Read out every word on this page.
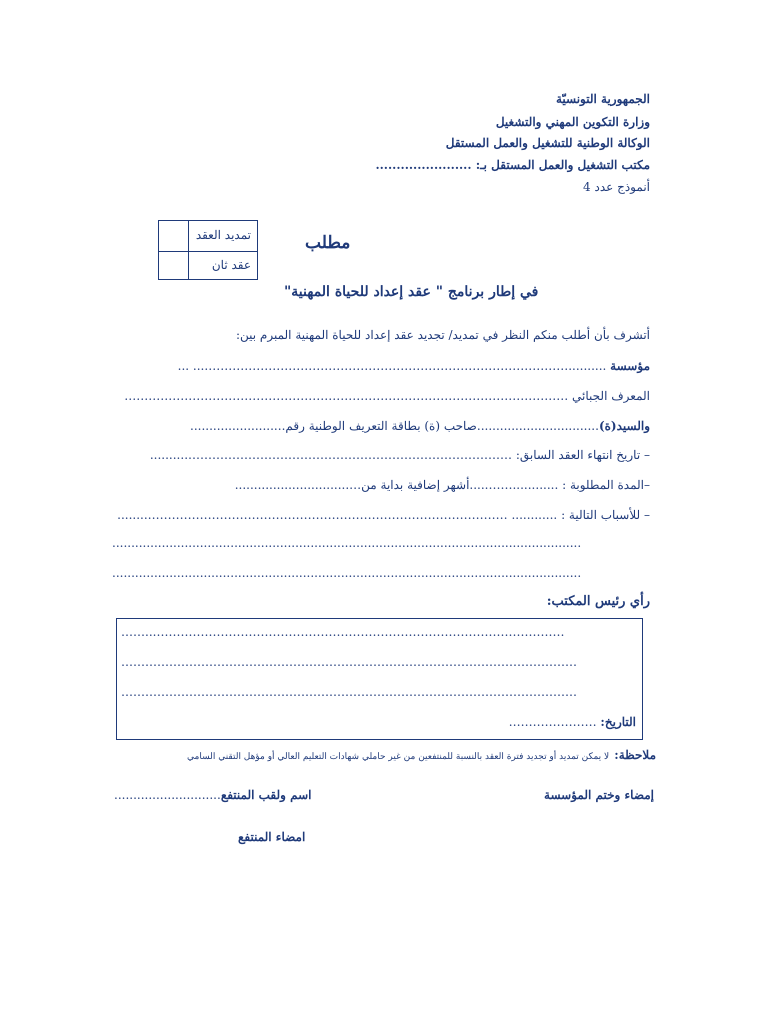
الجمهورية التونسيّة
وزارة التكوين المهني والتشغيل
الوكالة الوطنية للتشغيل والعمل المستقل
مكتب التشغيل والعمل المستقل بـ: .......................
أنموذج عدد 4
تمديد العقد
عقد ثان
مطلب
في إطار برنامج " عقد إعداد للحياة المهنية"
أتشرف بأن أطلب منكم النظر في تمديد/ تجديد عقد إعداد للحياة المهنية المبرم بين:
مؤسسة ..........……………………………………………………………………………….... ...
المعرف الجبائي …………………………………………………………………………………………………
والسيد(ة)................................صاحب (ة) بطاقة التعريف الوطنية رقم.........................
– تاريخ انتهاء العقد السابق: ………………………………………………………………………..........
–المدة المطلوبة : ............…….....أشهر إضافية بداية من…..............................
– للأسباب التالية : ............ ………………………………………………………………………………........
...........................................................................................................................
...........................................................................................................................
رأي رئيس المكتب:
……...…………………………………………………………………………………………
……………………………………………………………………………………………………
……………………………………………………………………………………………………
التاريخ: ………………….
ملاحظة: لا يمكن تمديد أو تجديد فترة العقد بالنسبة للمنتفعين من غير حاملي شهادات التعليم العالي أو مؤهل التقني السامي
إمضاء وختم المؤسسة
اسم ولقب المنتفع............................
امضاء المنتفع
